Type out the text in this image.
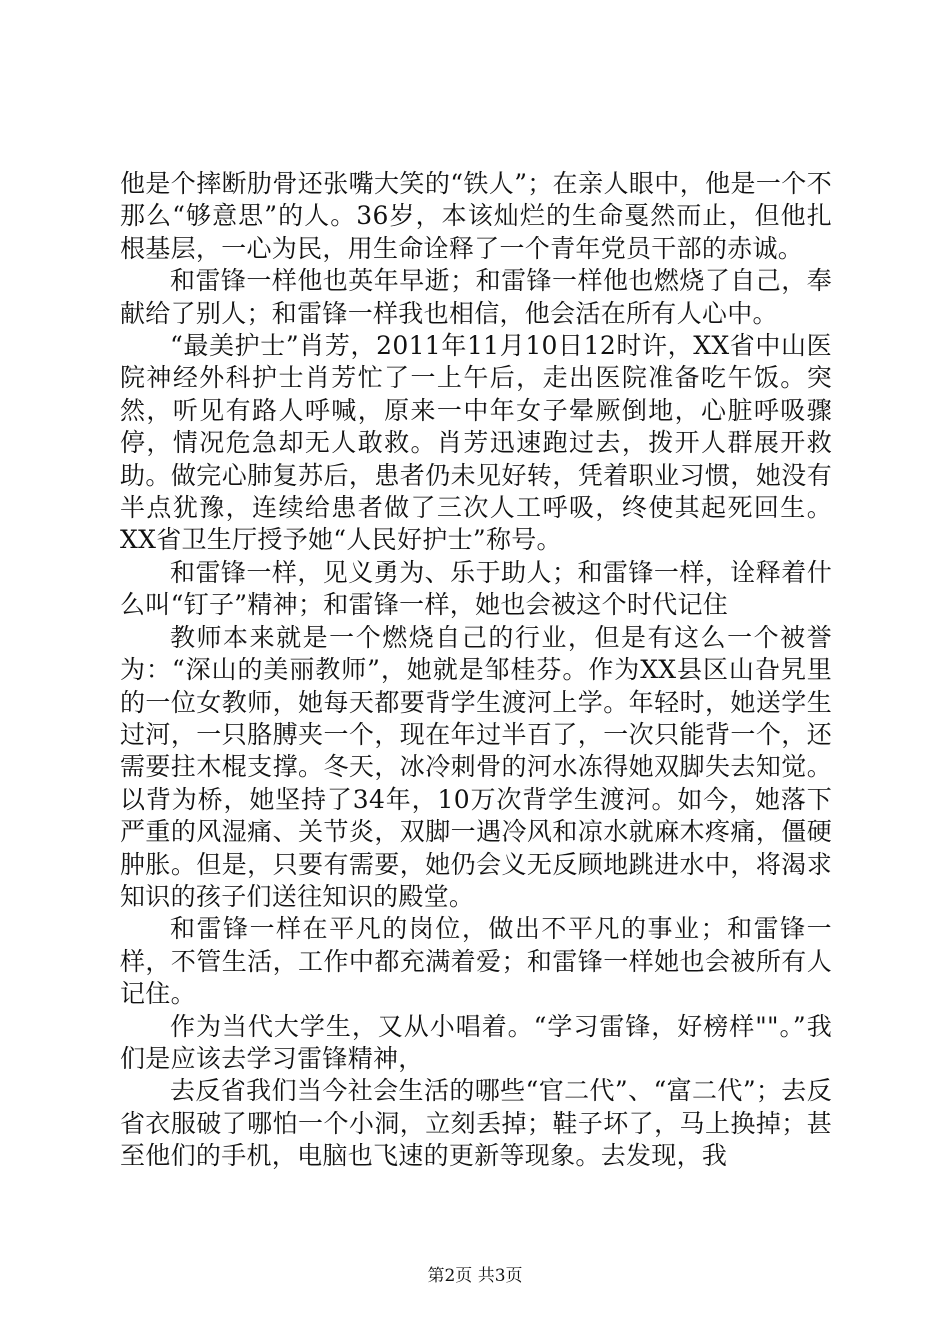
他是个摔断肋骨还张嘴大笑的“铁人”；在亲人眼中，他是一个不那么“够意思”的人。36岁，本该灿烂的生命戛然而止，但他扎根基层，一心为民，用生命诠释了一个青年党员干部的赤诚。

和雷锋一样他也英年早逝；和雷锋一样他也燃烧了自己，奉献给了别人；和雷锋一样我也相信，他会活在所有人心中。

“最美护士”肖芳，2011年11月10日12时许，XX省中山医院神经外科护士肖芳忙了一上午后，走出医院准备吃午饭。突然，听见有路人呼喊，原来一中年女子晕厥倒地，心脏呼吸骤停，情况危急却无人敢救。肖芳迅速跑过去，拨开人群展开救助。做完心肺复苏后，患者仍未见好转，凭着职业习惯，她没有半点犹豫，连续给患者做了三次人工呼吸，终使其起死回生。XX省卫生厅授予她“人民好护士”称号。

和雷锋一样，见义勇为、乐于助人；和雷锋一样，诠释着什么叫“钉子”精神；和雷锋一样，她也会被这个时代记住

教师本来就是一个燃烧自己的行业，但是有这么一个被誉为：“深山的美丽教师”，她就是邹桂芬。作为XX县区山旮旯里的一位女教师，她每天都要背学生渡河上学。年轻时，她送学生过河，一只胳膊夹一个，现在年过半百了，一次只能背一个，还需要拄木棍支撑。冬天，冰冷刺骨的河水冻得她双脚失去知觉。以背为桥，她坚持了34年，10万次背学生渡河。如今，她落下严重的风湿痛、关节炎，双脚一遇冷风和凉水就麻木疼痛，僵硬肿胀。但是，只要有需要，她仍会义无反顾地跳进水中，将渴求知识的孩子们送往知识的殿堂。

和雷锋一样在平凡的岗位，做出不平凡的事业；和雷锋一样，不管生活，工作中都充满着爱；和雷锋一样她也会被所有人记住。

作为当代大学生，又从小唱着。“学习雷锋，好榜样""。”我们是应该去学习雷锋精神，

去反省我们当今社会生活的哪些“官二代”、“富二代”；去反省衣服破了哪怕一个小洞，立刻丢掉；鞋子坏了，马上换掉；甚至他们的手机，电脑也飞速的更新等现象。去发现，我

第2页 共3页
